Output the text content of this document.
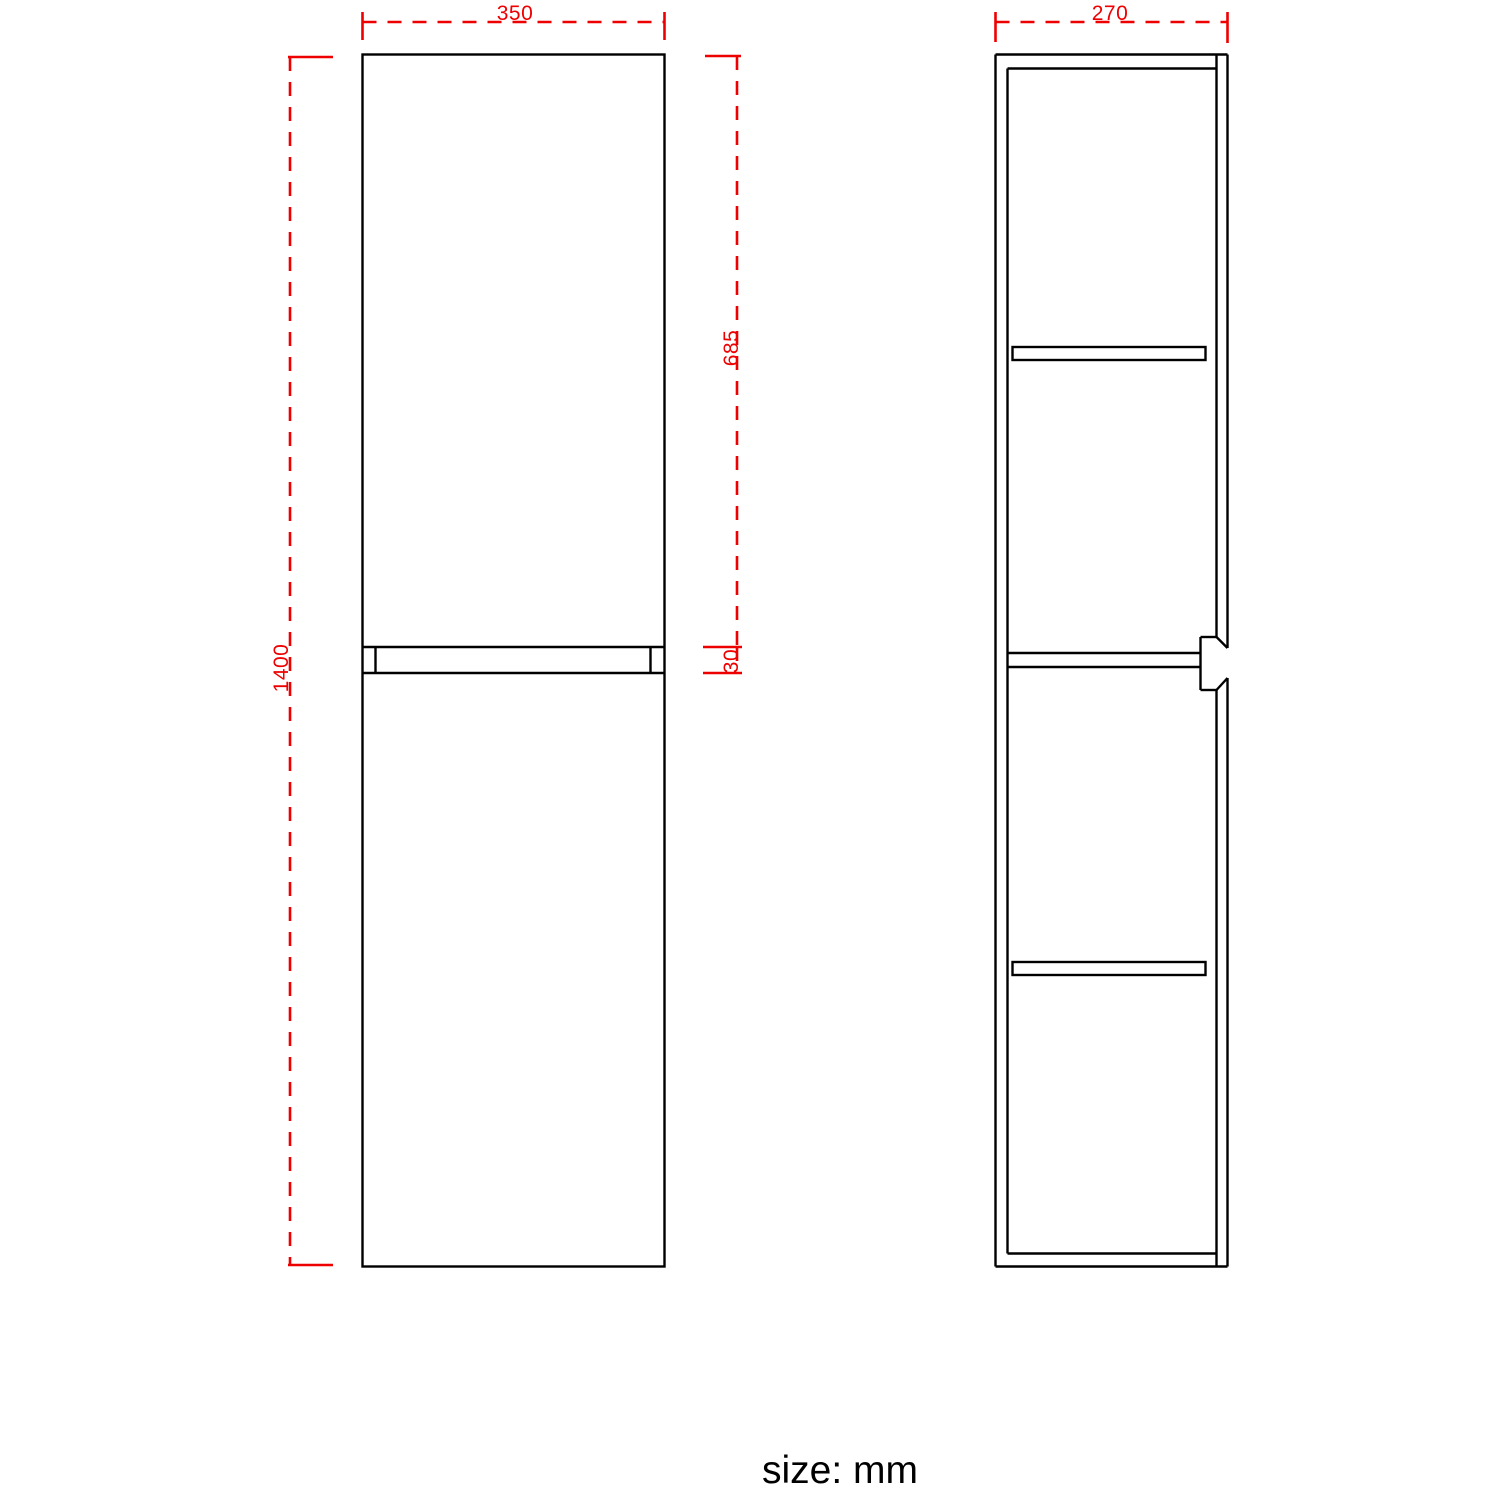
350	270
1400
685
30
size: mm
